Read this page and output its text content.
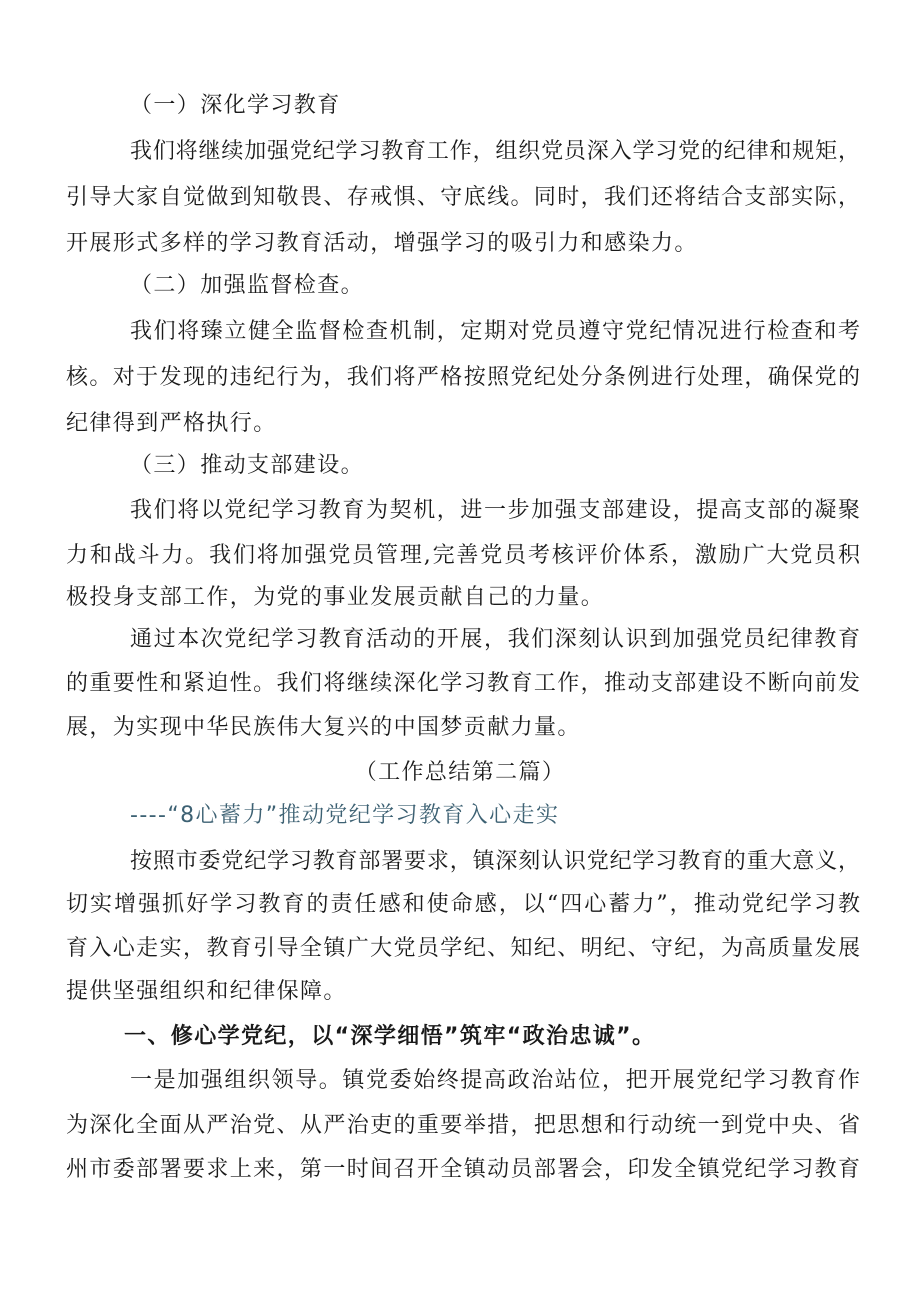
（一）深化学习教育
我们将继续加强党纪学习教育工作，组织党员深入学习党的纪律和规矩，
引导大家自觉做到知敬畏、存戒惧、守底线。同时，我们还将结合支部实际，
开展形式多样的学习教育活动，增强学习的吸引力和感染力。
（二）加强监督检查。
我们将臻立健全监督检查机制，定期对党员遵守党纪情况进行检查和考
核。对于发现的违纪行为，我们将严格按照党纪处分条例进行处理，确保党的
纪律得到严格执行。
（三）推动支部建设。
我们将以党纪学习教育为契机，进一步加强支部建设，提高支部的凝聚
力和战斗力。我们将加强党员管理,完善党员考核评价体系，激励广大党员积
极投身支部工作，为党的事业发展贡献自己的力量。
通过本次党纪学习教育活动的开展，我们深刻认识到加强党员纪律教育
的重要性和紧迫性。我们将继续深化学习教育工作，推动支部建设不断向前发
展，为实现中华民族伟大复兴的中国梦贡献力量。
（工作总结第二篇）
----“8心蓄力”推动党纪学习教育入心走实
按照市委党纪学习教育部署要求，镇深刻认识党纪学习教育的重大意义，
切实增强抓好学习教育的责任感和使命感，以“四心蓄力”，推动党纪学习教
育入心走实，教育引导全镇广大党员学纪、知纪、明纪、守纪，为高质量发展
提供坚强组织和纪律保障。
一、修心学党纪，以“深学细悟”筑牢“政治忠诚”。
一是加强组织领导。镇党委始终提高政治站位，把开展党纪学习教育作
为深化全面从严治党、从严治吏的重要举措，把思想和行动统一到党中央、省
州市委部署要求上来，第一时间召开全镇动员部署会，印发全镇党纪学习教育
